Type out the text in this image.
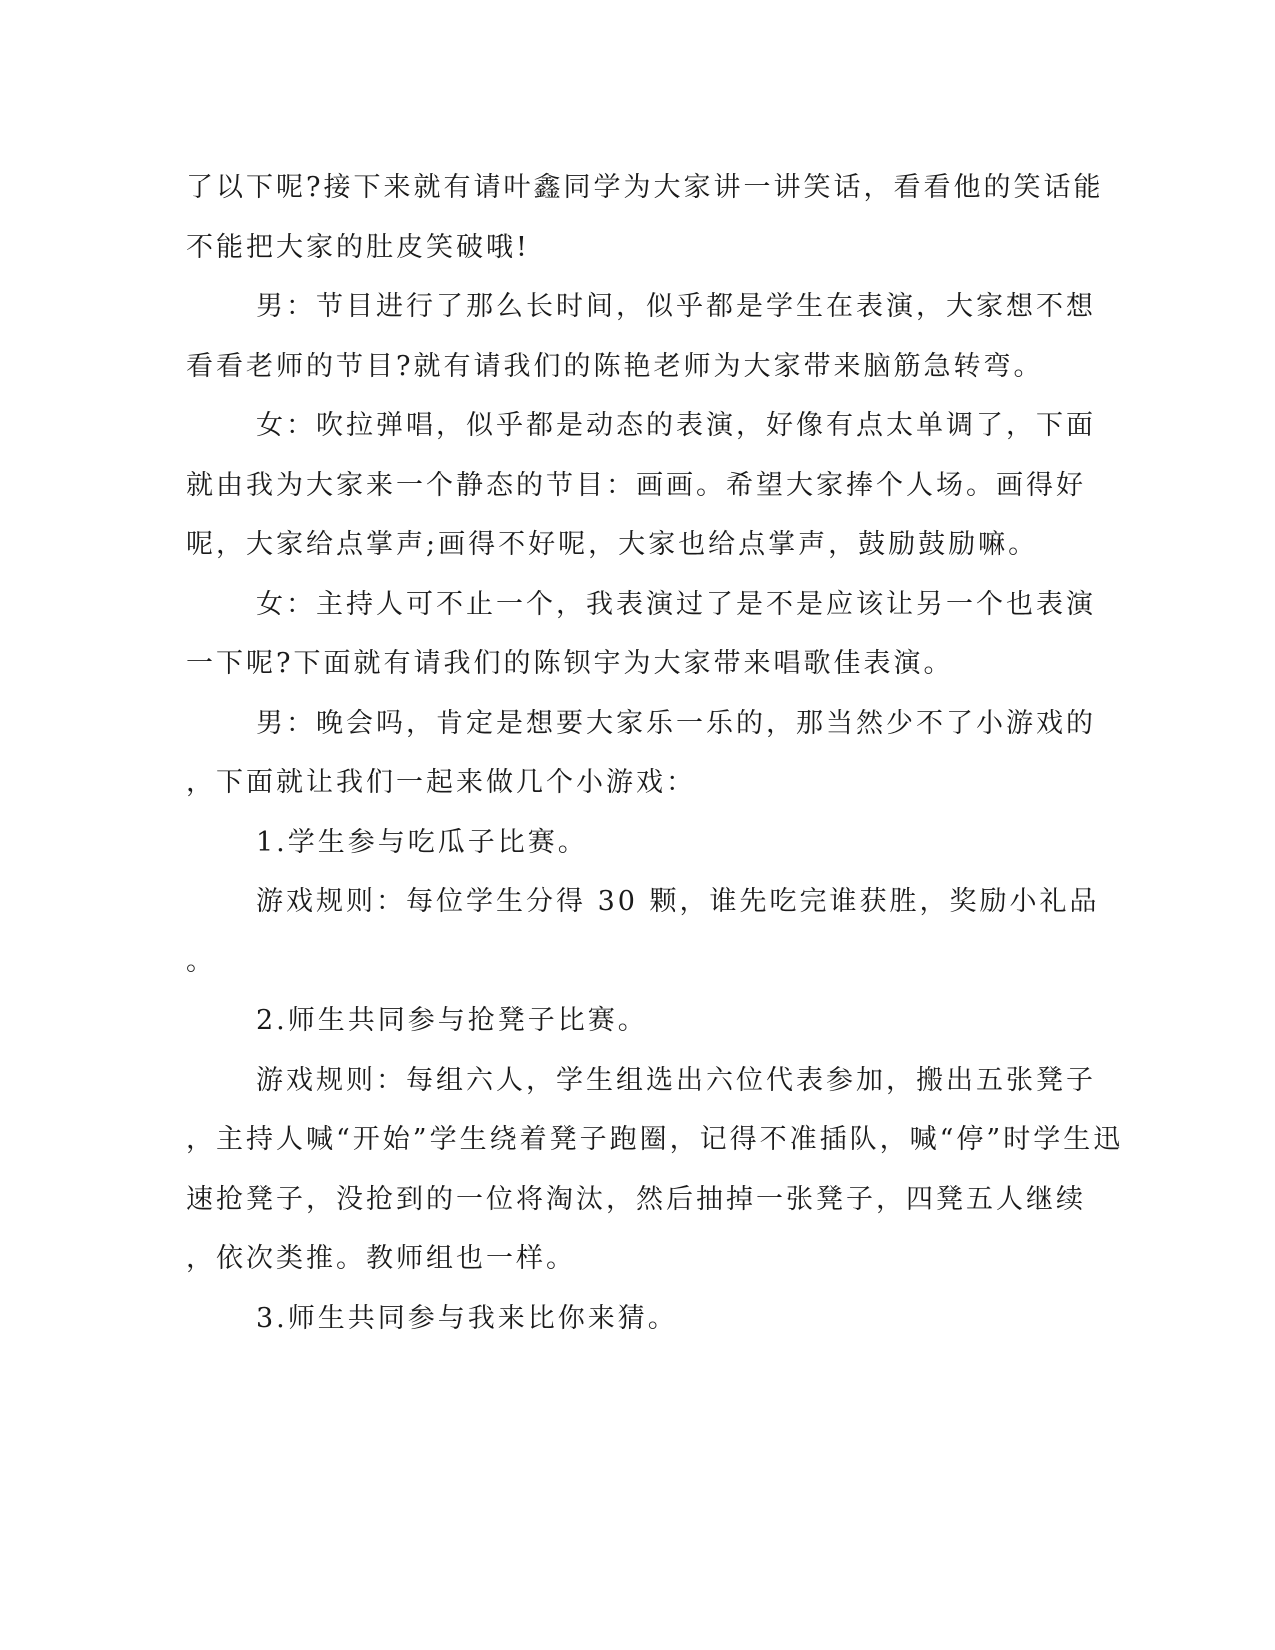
了以下呢?接下来就有请叶鑫同学为大家讲一讲笑话，看看他的笑话能
不能把大家的肚皮笑破哦!
男：节目进行了那么长时间，似乎都是学生在表演，大家想不想
看看老师的节目?就有请我们的陈艳老师为大家带来脑筋急转弯。
女：吹拉弹唱，似乎都是动态的表演，好像有点太单调了，下面
就由我为大家来一个静态的节目：画画。希望大家捧个人场。画得好
呢，大家给点掌声;画得不好呢，大家也给点掌声，鼓励鼓励嘛。
女：主持人可不止一个，我表演过了是不是应该让另一个也表演
一下呢?下面就有请我们的陈钡宇为大家带来唱歌佳表演。
男：晚会吗，肯定是想要大家乐一乐的，那当然少不了小游戏的
，下面就让我们一起来做几个小游戏：
1.学生参与吃瓜子比赛。
游戏规则：每位学生分得 30 颗，谁先吃完谁获胜，奖励小礼品
。
2.师生共同参与抢凳子比赛。
游戏规则：每组六人，学生组选出六位代表参加，搬出五张凳子
，主持人喊“开始”学生绕着凳子跑圈，记得不准插队，喊“停”时学生迅
速抢凳子，没抢到的一位将淘汰，然后抽掉一张凳子，四凳五人继续
，依次类推。教师组也一样。
3.师生共同参与我来比你来猜。
